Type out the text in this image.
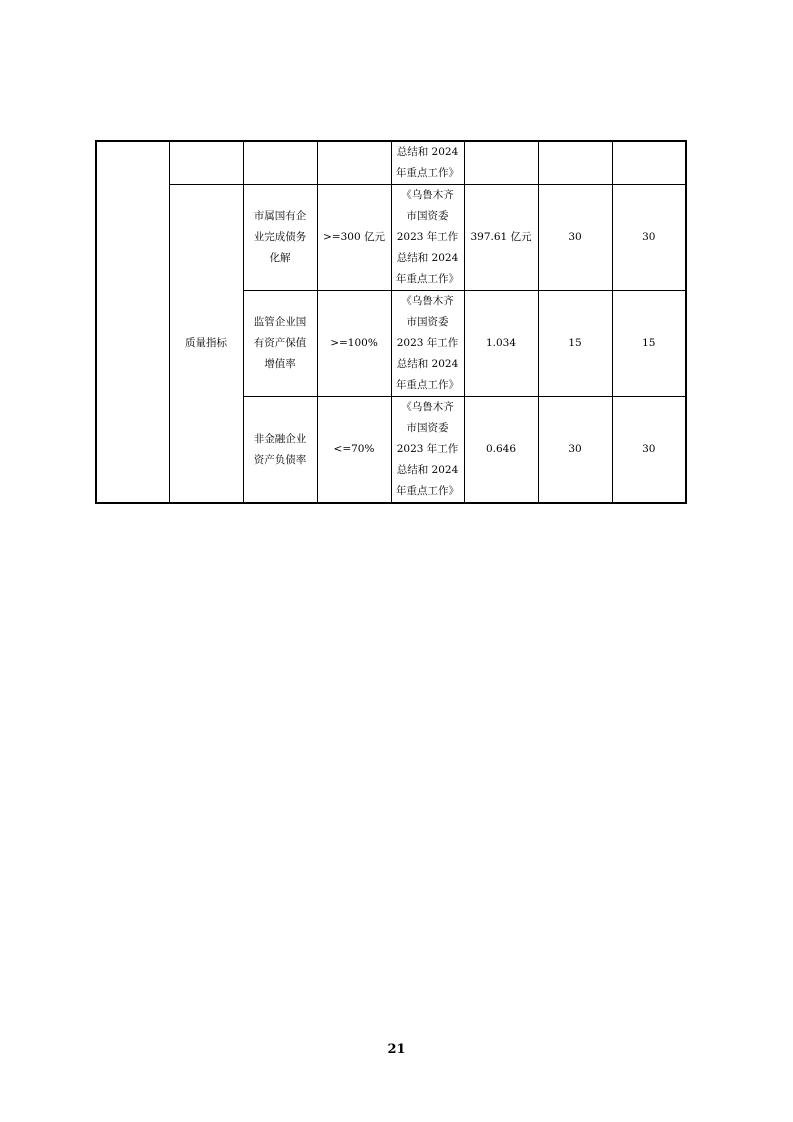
				总结和 2024
年重点工作》			
	质量指标	市属国有企
业完成债务
化解	>=300 亿元	《乌鲁木齐
市国资委
2023 年工作
总结和 2024
年重点工作》	397.61 亿元	30	30
		监管企业国
有资产保值
增值率	>=100%	《乌鲁木齐
市国资委
2023 年工作
总结和 2024
年重点工作》	1.034	15	15
		非金融企业
资产负债率	<=70%	《乌鲁木齐
市国资委
2023 年工作
总结和 2024
年重点工作》	0.646	30	30
21
